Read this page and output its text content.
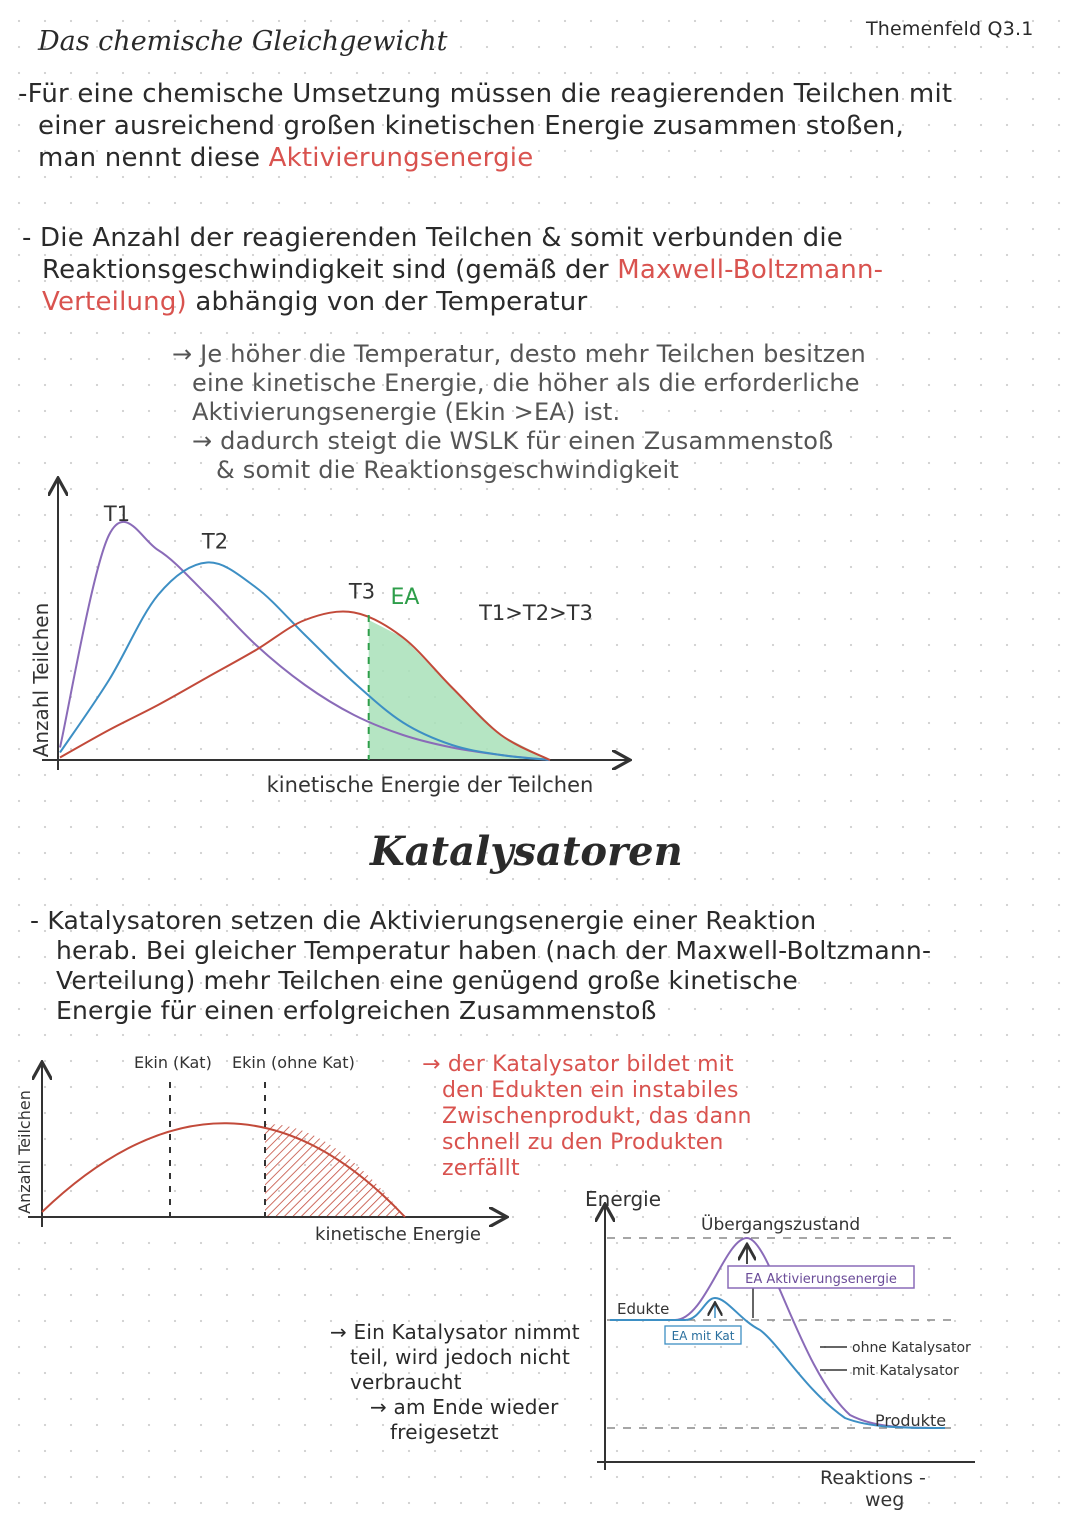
Das chemische Gleichgewicht	Themenfeld Q3.1
-Für eine chemische Umsetzung müssen die reagierenden Teilchen mit
einer ausreichend großen kinetischen Energie zusammen stoßen,
man nennt diese Aktivierungsenergie
- Die Anzahl der reagierenden Teilchen & somit verbunden die
Reaktionsgeschwindigkeit sind (gemäß der Maxwell-Boltzmann-
Verteilung) abhängig von der Temperatur
→ Je höher die Temperatur, desto mehr Teilchen besitzen
eine kinetische Energie, die höher als die erforderliche
Aktivierungsenergie (Ekin >EA) ist.
→ dadurch steigt die WSLK für einen Zusammenstoß
& somit die Reaktionsgeschwindigkeit
Anzahl Teilchen
kinetische Energie der Teilchen
T1>T2>T3
EA
T1
T2
T3
Katalysatoren
- Katalysatoren setzen die Aktivierungsenergie einer Reaktion
herab. Bei gleicher Temperatur haben (nach der Maxwell-Boltzmann-
Verteilung) mehr Teilchen eine genügend große kinetische
Energie für einen erfolgreichen Zusammenstoß
Anzahl Teilchen
Ekin (Kat) Ekin (ohne Kat)
kinetische Energie
→ der Katalysator bildet mit
den Edukten ein instabiles
Zwischenprodukt, das dann
schnell zu den Produkten
zerfällt
→ Ein Katalysator nimmt
teil, wird jedoch nicht
verbraucht
→ am Ende wieder
freigesetzt
EA Aktivierungsenergie
EA mit Kat
Energie
Übergangszustand
Edukte
Produkte
ohne Katalysator
mit Katalysator
Reaktions -
weg
